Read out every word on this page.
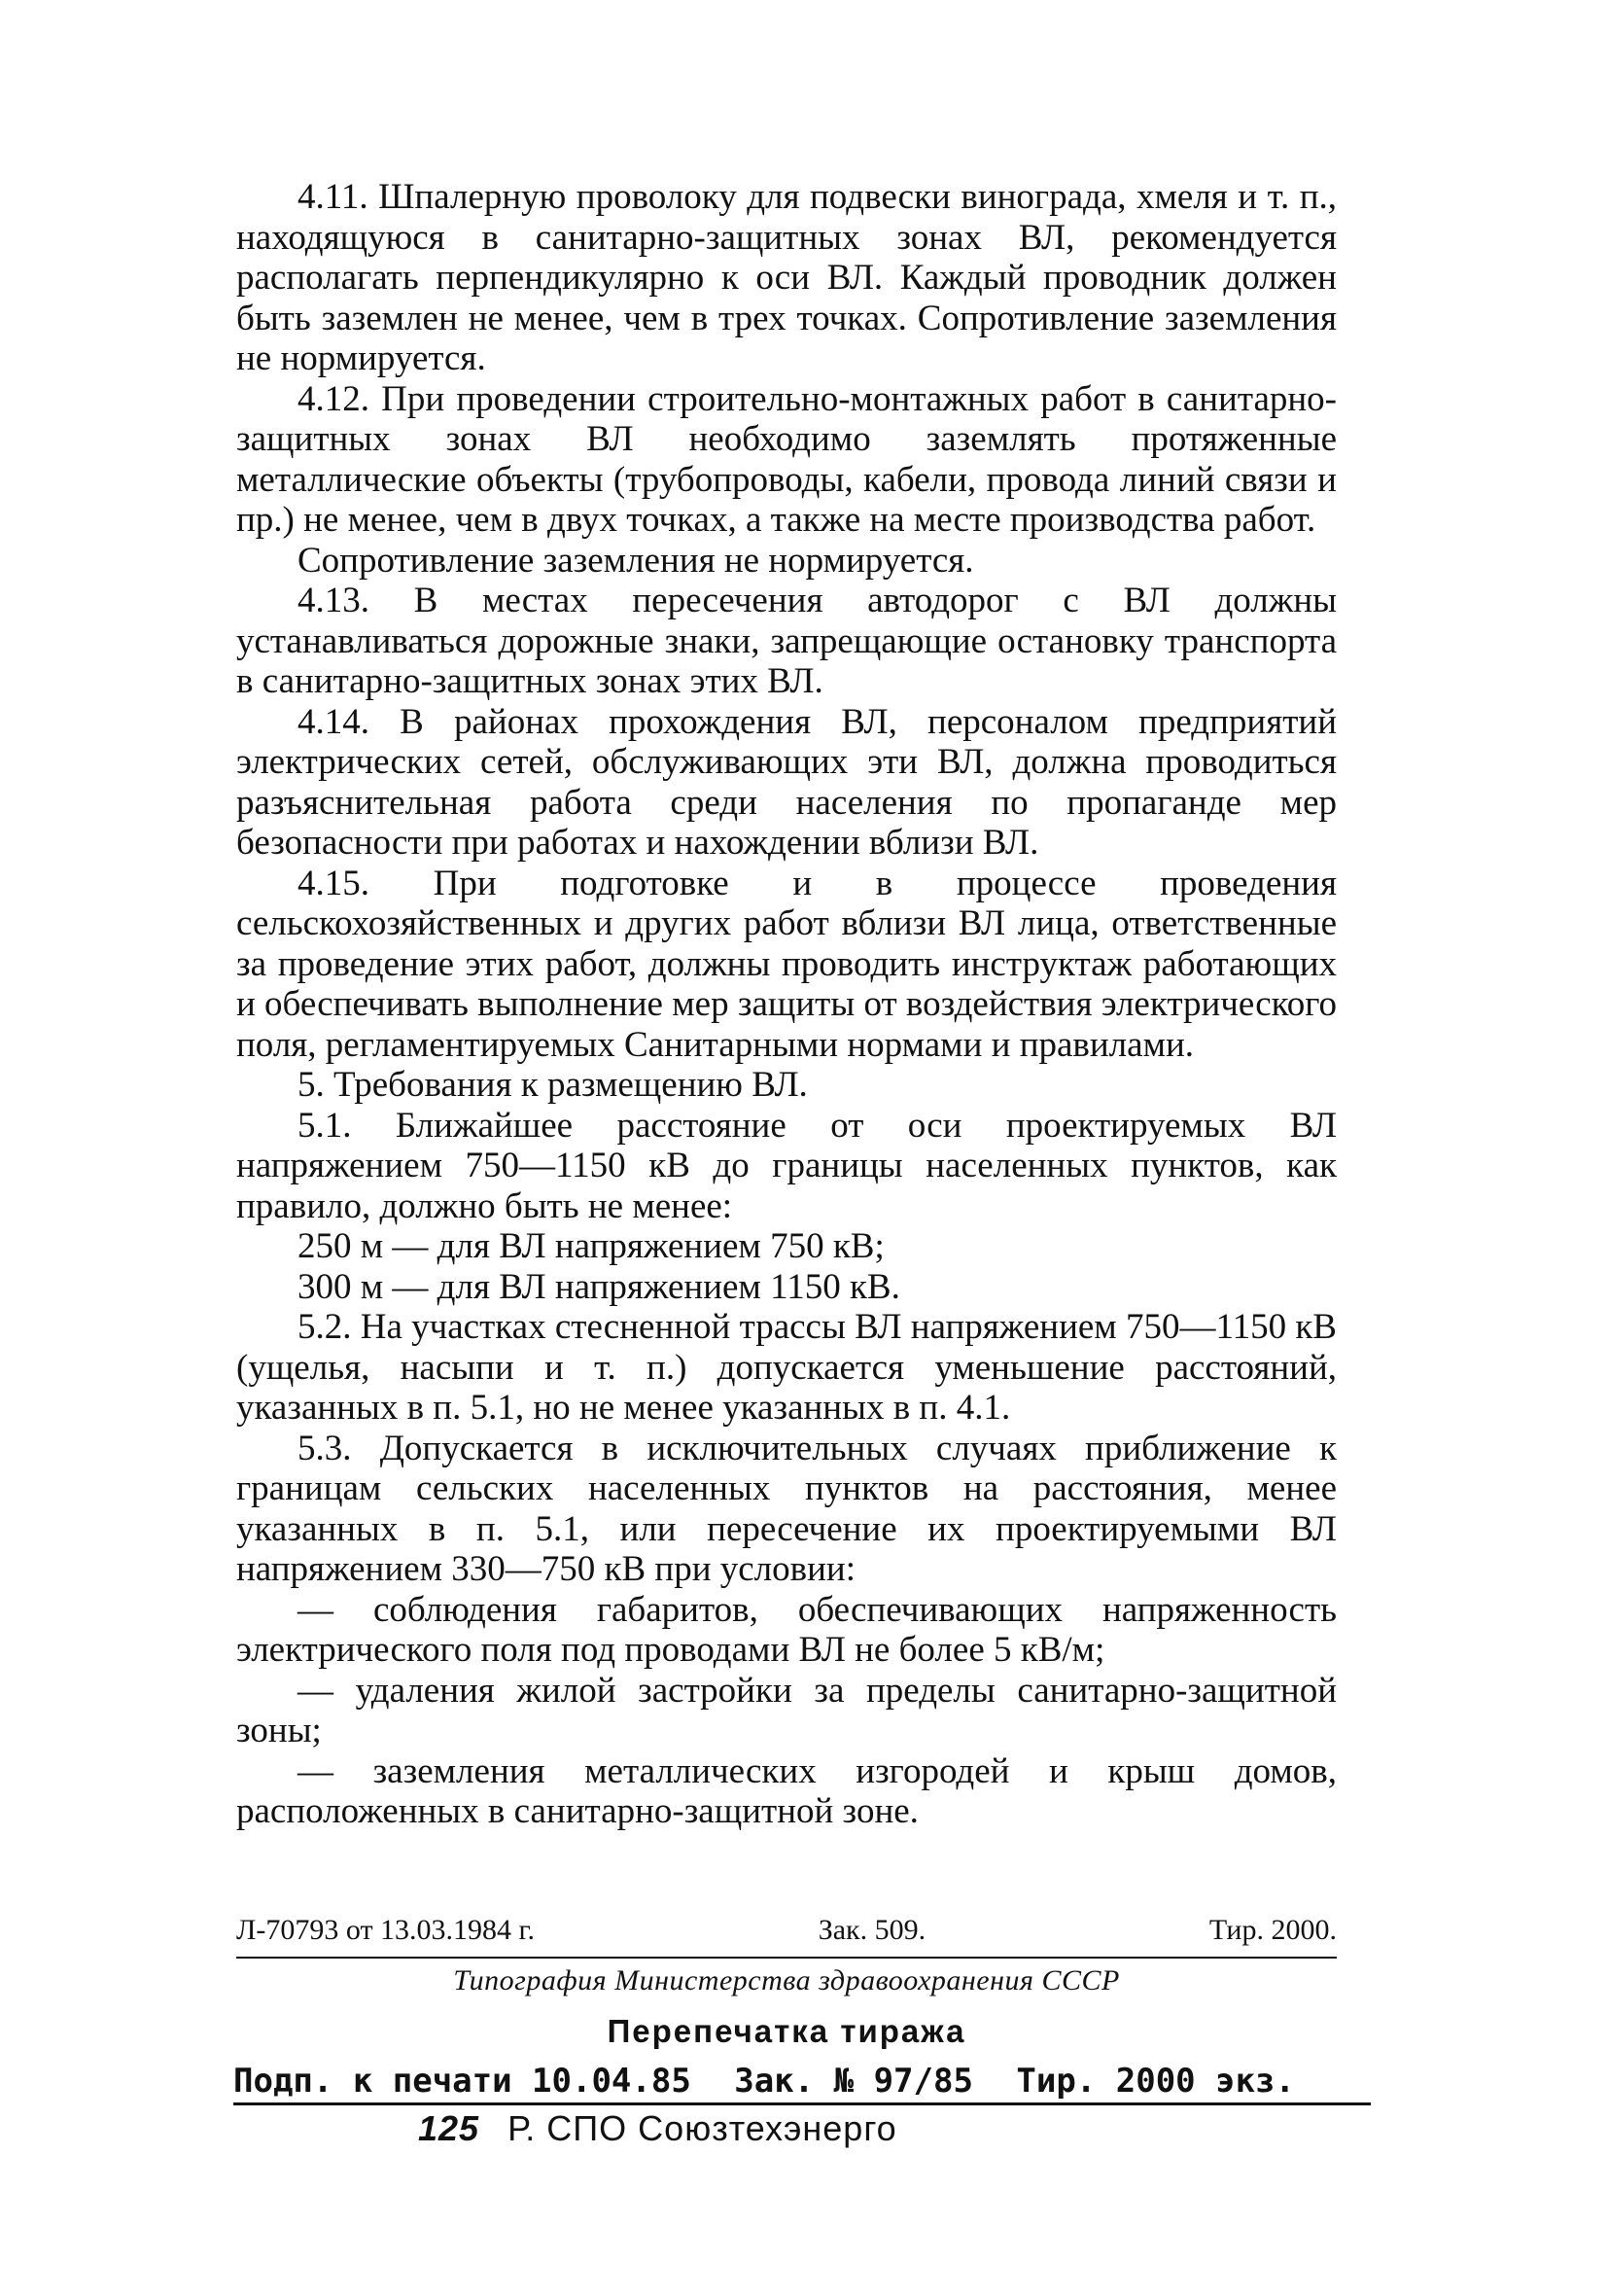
4.11. Шпалерную проволоку для подвески винограда, хмеля и т. п., находящуюся в санитарно-защитных зонах ВЛ, рекомендуется располагать перпендикулярно к оси ВЛ. Каждый проводник должен быть заземлен не менее, чем в трех точках. Сопротивление заземления не нормируется.

4.12. При проведении строительно-монтажных работ в санитарно-защитных зонах ВЛ необходимо заземлять протяженные металлические объекты (трубопроводы, кабели, провода линий связи и пр.) не менее, чем в двух точках, а также на месте производства работ.

Сопротивление заземления не нормируется.

4.13. В местах пересечения автодорог с ВЛ должны устанавливаться дорожные знаки, запрещающие остановку транспорта в санитарно-защитных зонах этих ВЛ.

4.14. В районах прохождения ВЛ, персоналом предприятий электрических сетей, обслуживающих эти ВЛ, должна проводиться разъяснительная работа среди населения по пропаганде мер безопасности при работах и нахождении вблизи ВЛ.

4.15. При подготовке и в процессе проведения сельскохозяйственных и других работ вблизи ВЛ лица, ответственные за проведение этих работ, должны проводить инструктаж работающих и обеспечивать выполнение мер защиты от воздействия электрического поля, регламентируемых Санитарными нормами и правилами.

5. Требования к размещению ВЛ.

5.1. Ближайшее расстояние от оси проектируемых ВЛ напряжением 750—1150 кВ до границы населенных пунктов, как правило, должно быть не менее:

250 м — для ВЛ напряжением 750 кВ;

300 м — для ВЛ напряжением 1150 кВ.

5.2. На участках стесненной трассы ВЛ напряжением 750—1150 кВ (ущелья, насыпи и т. п.) допускается уменьшение расстояний, указанных в п. 5.1, но не менее указанных в п. 4.1.

5.3. Допускается в исключительных случаях приближение к границам сельских населенных пунктов на расстояния, менее указанных в п. 5.1, или пересечение их проектируемыми ВЛ напряжением 330—750 кВ при условии:

— соблюдения габаритов, обеспечивающих напряженность электрического поля под проводами ВЛ не более 5 кВ/м;

— удаления жилой застройки за пределы санитарно-защитной зоны;

— заземления металлических изгородей и крыш домов, расположенных в санитарно-защитной зоне.

Л-70793 от 13.03.1984 г.	Зак. 509.	Тир. 2000.
Типография Министерства здравоохранения СССР
Перепечатка тиража
Подп. к печати 10.04.85 Зак. № 97/85 Тир. 2000 экз.
125 Р. СПО Союзтехэнерго
